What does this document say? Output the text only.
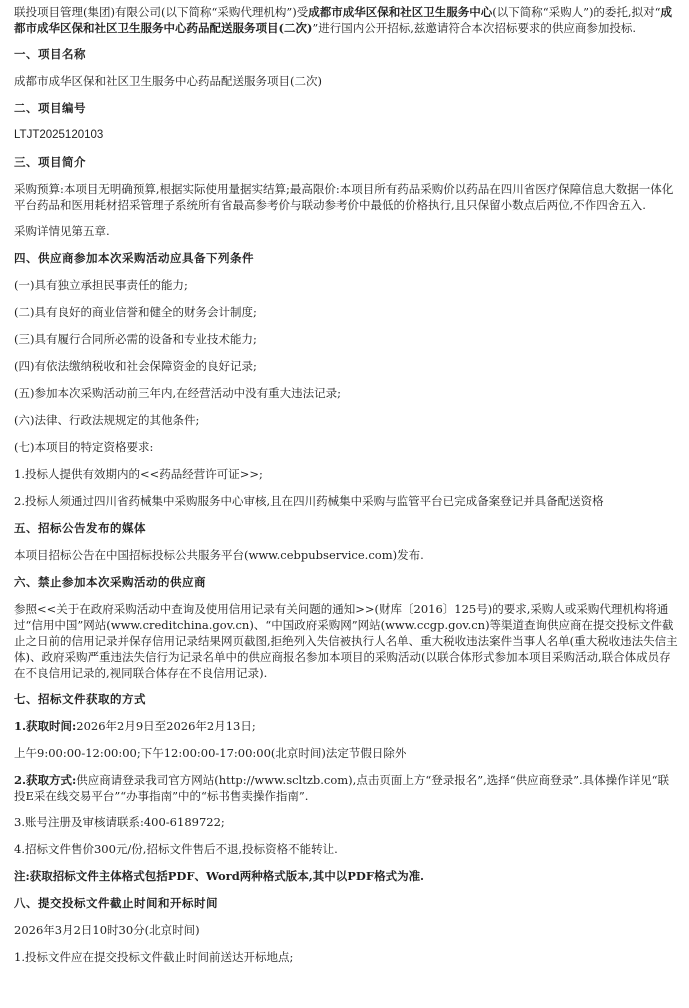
联投项目管理(集团)有限公司(以下简称“采购代理机构”)受成都市成华区保和社区卫生服务中心(以下简称“采购人”)的委托,拟对“成都市成华区保和社区卫生服务中心药品配送服务项目(二次)”进行国内公开招标,兹邀请符合本次招标要求的供应商参加投标.

一、项目名称

成都市成华区保和社区卫生服务中心药品配送服务项目(二次)

二、项目编号

LTJT2025120103

三、项目简介

采购预算:本项目无明确预算,根据实际使用量据实结算;最高限价:本项目所有药品采购价以药品在四川省医疗保障信息大数据一体化平台药品和医用耗材招采管理子系统所有省最高参考价与联动参考价中最低的价格执行,且只保留小数点后两位,不作四舍五入.

采购详情见第五章.

四、供应商参加本次采购活动应具备下列条件

(一)具有独立承担民事责任的能力;

(二)具有良好的商业信誉和健全的财务会计制度;

(三)具有履行合同所必需的设备和专业技术能力;

(四)有依法缴纳税收和社会保障资金的良好记录;

(五)参加本次采购活动前三年内,在经营活动中没有重大违法记录;

(六)法律、行政法规规定的其他条件;

(七)本项目的特定资格要求:

1.投标人提供有效期内的<<药品经营许可证>>;

2.投标人须通过四川省药械集中采购服务中心审核,且在四川药械集中采购与监管平台已完成备案登记并具备配送资格

五、招标公告发布的媒体

本项目招标公告在中国招标投标公共服务平台(www.cebpubservice.com)发布.

六、禁止参加本次采购活动的供应商

参照<<关于在政府采购活动中查询及使用信用记录有关问题的通知>>(财库〔2016〕125号)的要求,采购人或采购代理机构将通过“信用中国”网站(www.creditchina.gov.cn)、“中国政府采购网”网站(www.ccgp.gov.cn)等渠道查询供应商在提交投标文件截止之日前的信用记录并保存信用记录结果网页截图,拒绝列入失信被执行人名单、重大税收违法案件当事人名单(重大税收违法失信主体)、政府采购严重违法失信行为记录名单中的供应商报名参加本项目的采购活动(以联合体形式参加本项目采购活动,联合体成员存在不良信用记录的,视同联合体存在不良信用记录).

七、招标文件获取的方式

1.获取时间:2026年2月9日至2026年2月13日;

上午9:00:00-12:00:00;下午12:00:00-17:00:00(北京时间)法定节假日除外

2.获取方式:供应商请登录我司官方网站(http://www.scltzb.com),点击页面上方“登录报名”,选择“供应商登录”.具体操作详见“联投E采在线交易平台”“办事指南”中的“标书售卖操作指南”.

3.账号注册及审核请联系:400-6189722;

4.招标文件售价300元/份,招标文件售后不退,投标资格不能转让.

注:获取招标文件主体格式包括PDF、Word两种格式版本,其中以PDF格式为准.

八、提交投标文件截止时间和开标时间

2026年3月2日10时30分(北京时间)

1.投标文件应在提交投标文件截止时间前送达开标地点;
